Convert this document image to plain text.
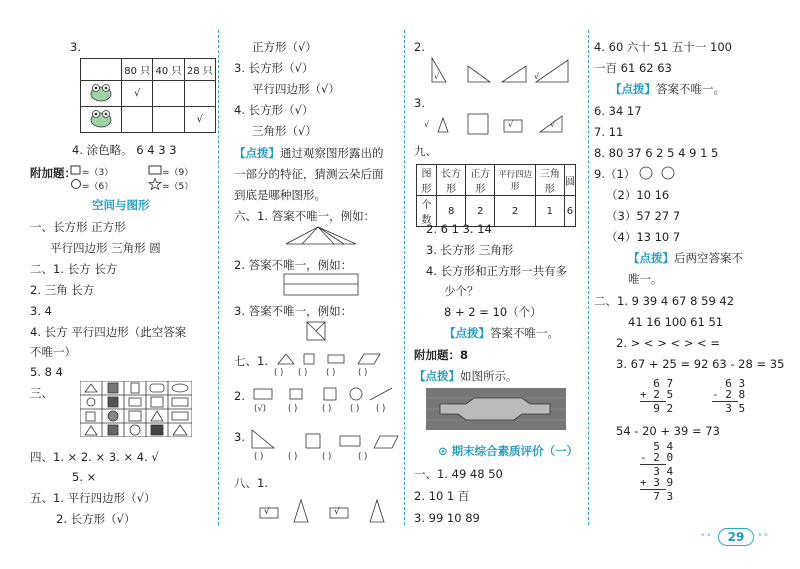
3.
	80 只	40 只	28 只
	√		
			√
4. 涂色略。 6 4 3 3
附加题： =（3）	=（9）
=（6）	=（5）
空间与图形
一、长方形 正方形
平行四边形 三角形 圆
二、1. 长方 长方
2. 三角 长方
3. 4
4. 长方 平行四边形（此空答案
不唯一）
5. 8 4
三、
四、1. × 2. × 3. × 4. √
5. ×
五、1. 平行四边形（√）
2. 长方形（√）
正方形（√）
3. 长方形（√）
平行四边形（√）
4. 长方形（√）
三角形（√）
【点拨】通过观察图形露出的
一部分的特征，猜测云朵后面
到底是哪种图形。
六、1. 答案不唯一，例如：
2. 答案不唯一，例如：
3. 答案不唯一，例如：
七、1.
( ) ( ) ( )	( )
2.
(√)	( )	( ) ( ) ( )
3.
( )	( )	( )	( )
八、1.
√	√
2.
√	√
3.
√	√	√
九、
图形	长方形	正方形	平行四边形	三角形	圆
个数	8	2	2	1	6
2. 6 1 3. 14
3. 长方形 三角形
4. 长方形和正方形一共有多
少个？
8 + 2 = 10（个）
【点拨】答案不唯一。
附加题：8
【点拨】如图所示。
⊙ 期末综合素质评价（一）
一、1. 49 48 50
2. 10 1 百
3. 99 10 89
4. 60 六十 51 五十一 100
一百 61 62 63
【点拨】答案不唯一。
6. 34 17
7. 11
8. 80 37 6 2 5 4 9 1 5
9.（1）
（2）10 16
（3）57 27 7
（4）13 10 7
【点拨】后两空答案不
唯一。
二、1. 9 39 4 67 8 59 42
41 16 100 61 51
2. > < > < > < =
3. 67 + 25 = 92 63 - 28 = 35
6 7
+ 2 5
9 2
6 3
- 2 8
3 5
54 - 20 + 39 = 73
5 4
- 2 0
3 4
+ 3 9
7 3
••	29	••
